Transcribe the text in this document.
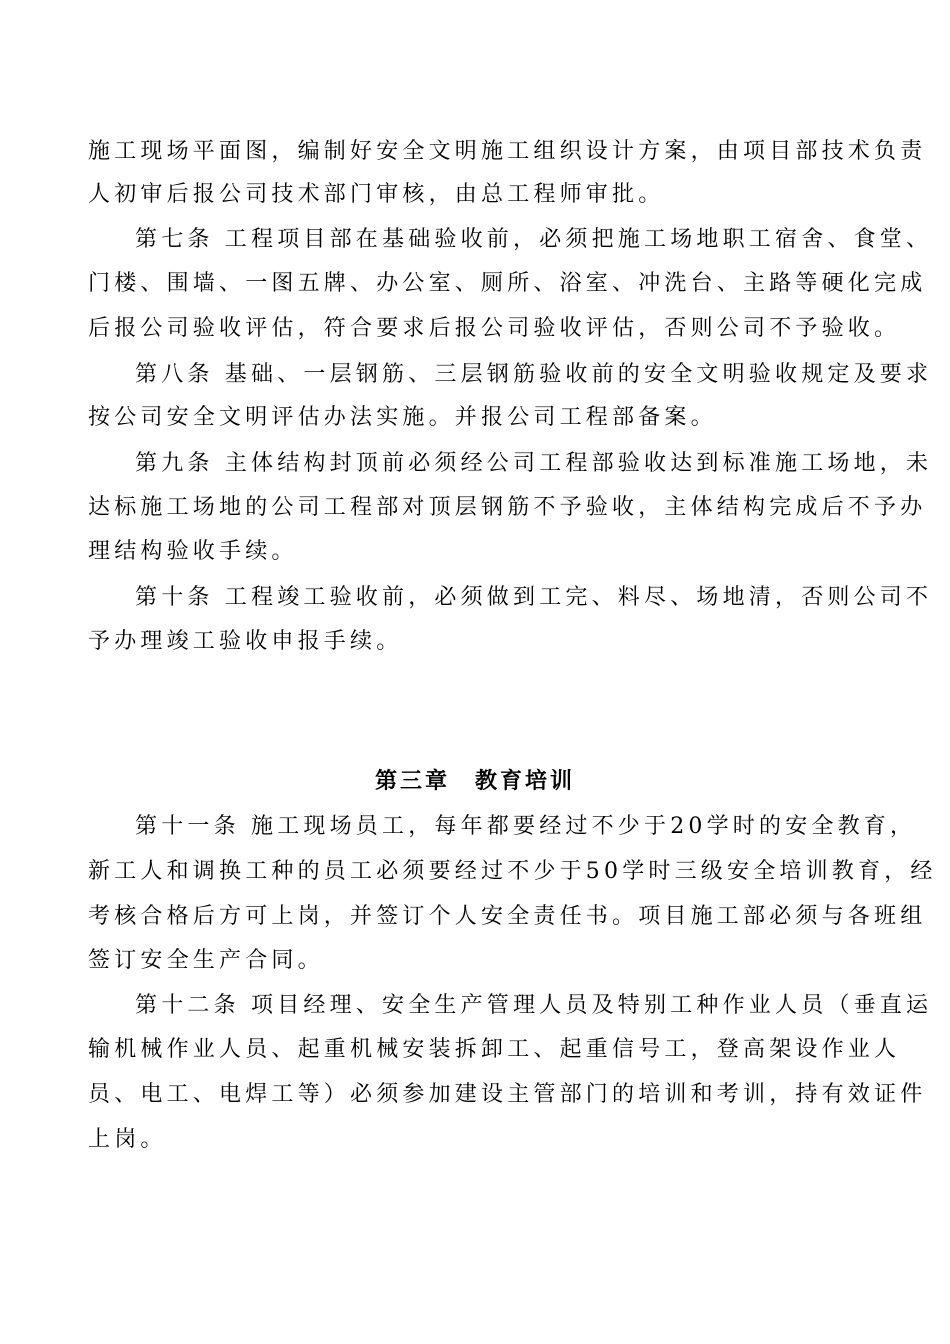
施工现场平面图，编制好安全文明施工组织设计方案，由项目部技术负责
人初审后报公司技术部门审核，由总工程师审批。
第七条 工程项目部在基础验收前，必须把施工场地职工宿舍、食堂、
门楼、围墙、一图五牌、办公室、厕所、浴室、冲洗台、主路等硬化完成
后报公司验收评估，符合要求后报公司验收评估，否则公司不予验收。
第八条 基础、一层钢筋、三层钢筋验收前的安全文明验收规定及要求
按公司安全文明评估办法实施。并报公司工程部备案。
第九条 主体结构封顶前必须经公司工程部验收达到标准施工场地，未
达标施工场地的公司工程部对顶层钢筋不予验收，主体结构完成后不予办
理结构验收手续。
第十条 工程竣工验收前，必须做到工完、料尽、场地清，否则公司不
予办理竣工验收申报手续。
第三章　教育培训
第十一条 施工现场员工，每年都要经过不少于20学时的安全教育，
新工人和调换工种的员工必须要经过不少于50学时三级安全培训教育，经
考核合格后方可上岗，并签订个人安全责任书。项目施工部必须与各班组
签订安全生产合同。
第十二条 项目经理、安全生产管理人员及特别工种作业人员（垂直运
输机械作业人员、起重机械安装拆卸工、起重信号工，登高架设作业人
员、电工、电焊工等）必须参加建设主管部门的培训和考训，持有效证件
上岗。
